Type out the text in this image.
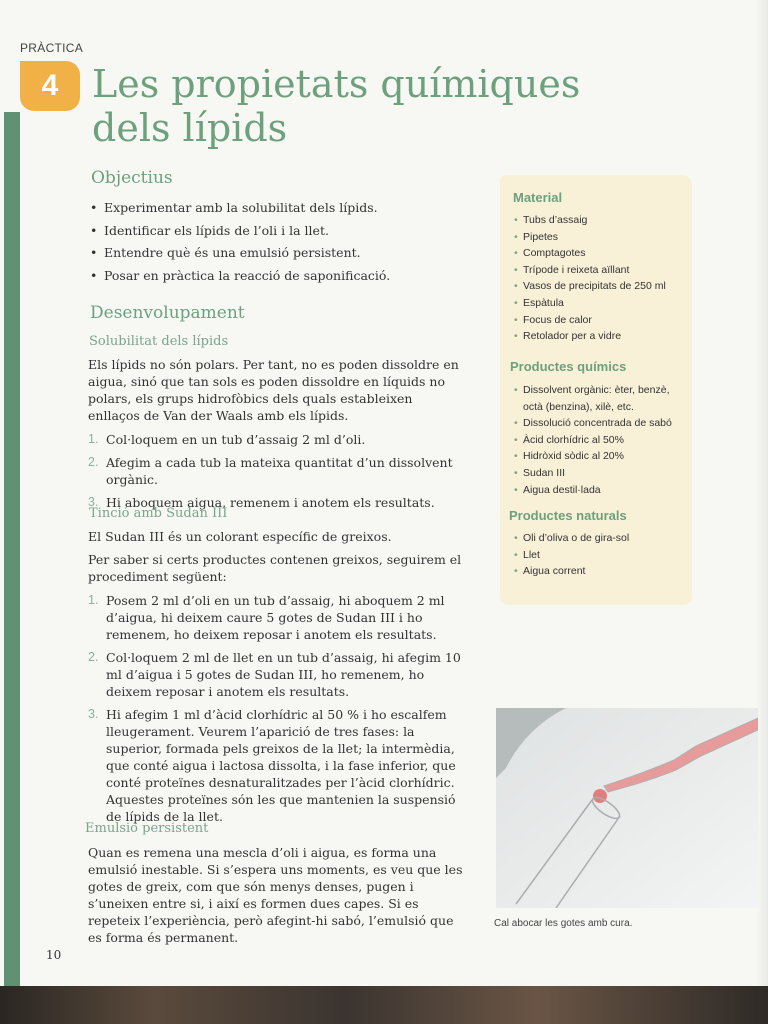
PRÀCTICA
4 Les propietats químiques dels lípids
Objectius
• Experimentar amb la solubilitat dels lípids.
• Identificar els lípids de l’oli i la llet.
• Entendre què és una emulsió persistent.
• Posar en pràctica la reacció de saponificació.
Desenvolupament
Solubilitat dels lípids

Els lípids no són polars. Per tant, no es poden dissoldre en aigua, sinó que tan sols es poden dissoldre en líquids no polars, els grups hidrofòbics dels quals estableixen enllaços de Van der Waals amb els lípids.

1. Col·loquem en un tub d’assaig 2 ml d’oli.
2. Afegim a cada tub la mateixa quantitat d’un dissolvent orgànic.
3. Hi aboquem aigua, remenem i anotem els resultats.
Tinció amb Sudan III

El Sudan III és un colorant específic de greixos.

Per saber si certs productes contenen greixos, seguirem el procediment següent:

1. Posem 2 ml d’oli en un tub d’assaig, hi aboquem 2 ml d’aigua, hi deixem caure 5 gotes de Sudan III i ho remenem, ho deixem reposar i anotem els resultats.
2. Col·loquem 2 ml de llet en un tub d’assaig, hi afegim 10 ml d’aigua i 5 gotes de Sudan III, ho remenem, ho deixem reposar i anotem els resultats.
3. Hi afegim 1 ml d’àcid clorhídric al 50 % i ho escalfem lleugerament. Veurem l’aparició de tres fases: la superior, formada pels greixos de la llet; la intermèdia, que conté aigua i lactosa dissolta, i la fase inferior, que conté proteïnes desnaturalitzades per l’àcid clorhídric. Aquestes proteïnes són les que mantenien la suspensió de lípids de la llet.
Emulsió persistent

Quan es remena una mescla d’oli i aigua, es forma una emulsió inestable. Si s’espera uns moments, es veu que les gotes de greix, com que són menys denses, pugen i s’uneixen entre si, i així es formen dues capes. Si es repeteix l’experiència, però afegint-hi sabó, l’emulsió que es forma és permanent.

Material
• Tubs d’assaig
• Pipetes
• Comptagotes
• Trípode i reixeta aïllant
• Vasos de precipitats de 250 ml
• Espàtula
• Focus de calor
• Retolador per a vidre
Productes químics
• Dissolvent orgànic: èter, benzè, octà (benzina), xilè, etc.
• Dissolució concentrada de sabó
• Àcid clorhídric al 50%
• Hidròxid sòdic al 20%
• Sudan III
• Aigua destil·lada
Productes naturals
• Oli d’oliva o de gira-sol
• Llet
• Aigua corrent

Cal abocar les gotes amb cura.

10
